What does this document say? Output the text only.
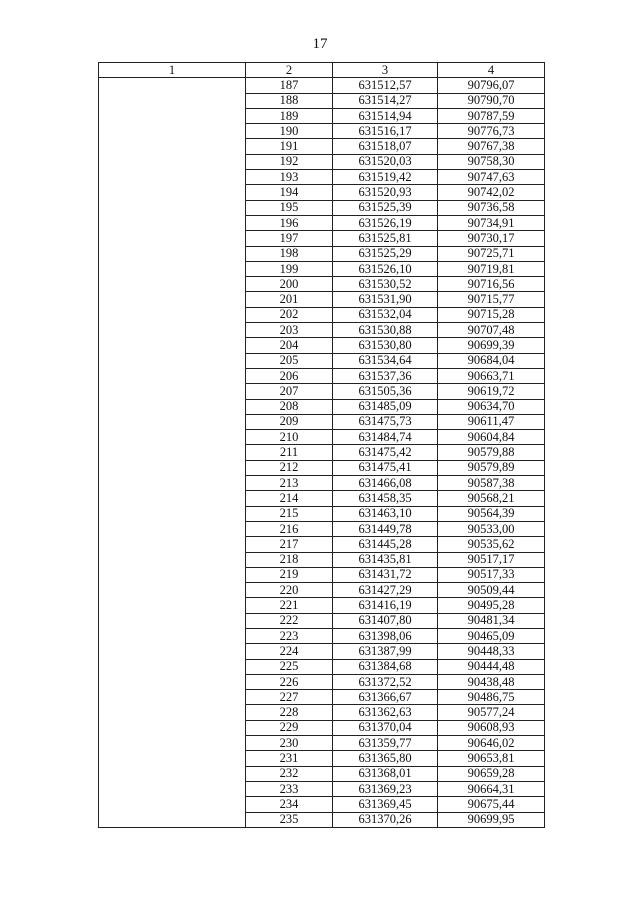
17
1	2	3	4
	187	631512,57	90796,07
	188	631514,27	90790,70
	189	631514,94	90787,59
	190	631516,17	90776,73
	191	631518,07	90767,38
	192	631520,03	90758,30
	193	631519,42	90747,63
	194	631520,93	90742,02
	195	631525,39	90736,58
	196	631526,19	90734,91
	197	631525,81	90730,17
	198	631525,29	90725,71
	199	631526,10	90719,81
	200	631530,52	90716,56
	201	631531,90	90715,77
	202	631532,04	90715,28
	203	631530,88	90707,48
	204	631530,80	90699,39
	205	631534,64	90684,04
	206	631537,36	90663,71
	207	631505,36	90619,72
	208	631485,09	90634,70
	209	631475,73	90611,47
	210	631484,74	90604,84
	211	631475,42	90579,88
	212	631475,41	90579,89
	213	631466,08	90587,38
	214	631458,35	90568,21
	215	631463,10	90564,39
	216	631449,78	90533,00
	217	631445,28	90535,62
	218	631435,81	90517,17
	219	631431,72	90517,33
	220	631427,29	90509,44
	221	631416,19	90495,28
	222	631407,80	90481,34
	223	631398,06	90465,09
	224	631387,99	90448,33
	225	631384,68	90444,48
	226	631372,52	90438,48
	227	631366,67	90486,75
	228	631362,63	90577,24
	229	631370,04	90608,93
	230	631359,77	90646,02
	231	631365,80	90653,81
	232	631368,01	90659,28
	233	631369,23	90664,31
	234	631369,45	90675,44
	235	631370,26	90699,95
